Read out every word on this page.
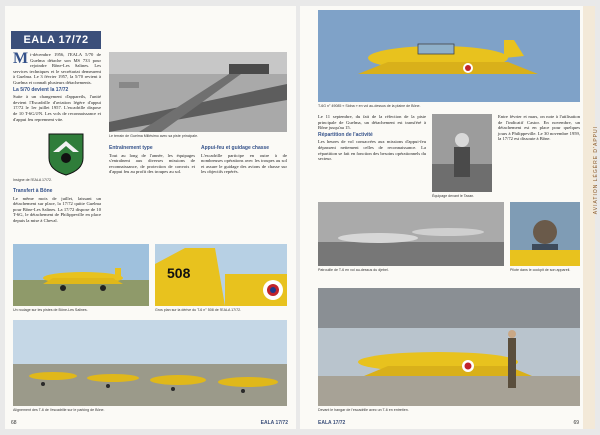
EALA 17/72

Mi-décembre 1956, l'EALA 5/70 de Guelma détache son MS 733 pour rejoindre Bône-Les Salines. Les services techniques et le secrétariat demeurent à Guelma. Le 3 février 1957, la 5/70 revient à Guelma et connaît plusieurs détachements.

La 5/70 devient la 17/72

Suite à un changement d'appareils, l'unité devient l'Escadrille d'aviation légère d'appui 17/72 le 1er juillet 1957. L'escadrille dispose de 10 T-6G/J/N. Les vols de reconnaissance et d'appui feu reprennent vite.

Insigne de l'EALA 17/72.
Transfert à Bône

Le même mois de juillet, laissant un détachement sur place, la 17/72 quitte Guelma pour Bône-Les Salines. La 17/72 dispose de 10 T-6G, le détachement de Philippeville en place depuis la mise à Cheval.

Le terrain de Guelma Millésimo avec sa piste principale.
Entraînement type

Tout au long de l'année, les équipages s'entraînent aux diverses missions de reconnaissance, de protection de convois et d'appui feu au profit des troupes au sol.

Appui-feu et guidage chasse

L'escadrille participe en outre à de nombreuses opérations avec les troupes au sol et assure le guidage des avions de chasse sur les objectifs repérés.

Un roulage sur les pistes de Bône-Les Salines.
508
Gros plan sur la dérive du T-6 n° 508 de l'EALA 17/72.
Alignement des T-6 de l'escadrille sur le parking de Bône.
68	EALA 17/72
AVIATION LÉGÈRE D'APPUI
T-6G n° 49085 « Sidna » en vol au-dessus de la plaine de Bône.

Le 11 septembre, du fait de la réfection de la piste principale de Guelma, un détachement est transféré à Bône jusqu'au 15.

Répartition de l'activité

Les heures de vol consacrées aux missions d'appui-feu dépassent nettement celles de reconnaissance. La répartition se fait en fonction des besoins opérationnels du secteur.

Équipage devant le Taxan.

Entre février et mars, on note à l'utilisation de l'indicatif Castor. En novembre, un détachement est en place pour quelques jours à Philippeville. Le 30 novembre 1959, la 17/72 est dissoute à Bône.

Patrouille de T-6 en vol au-dessus du djebel.	Pilote dans le cockpit de son appareil.
Devant le hangar de l'escadrille avec un T-6 en entretien.
EALA 17/72	69
